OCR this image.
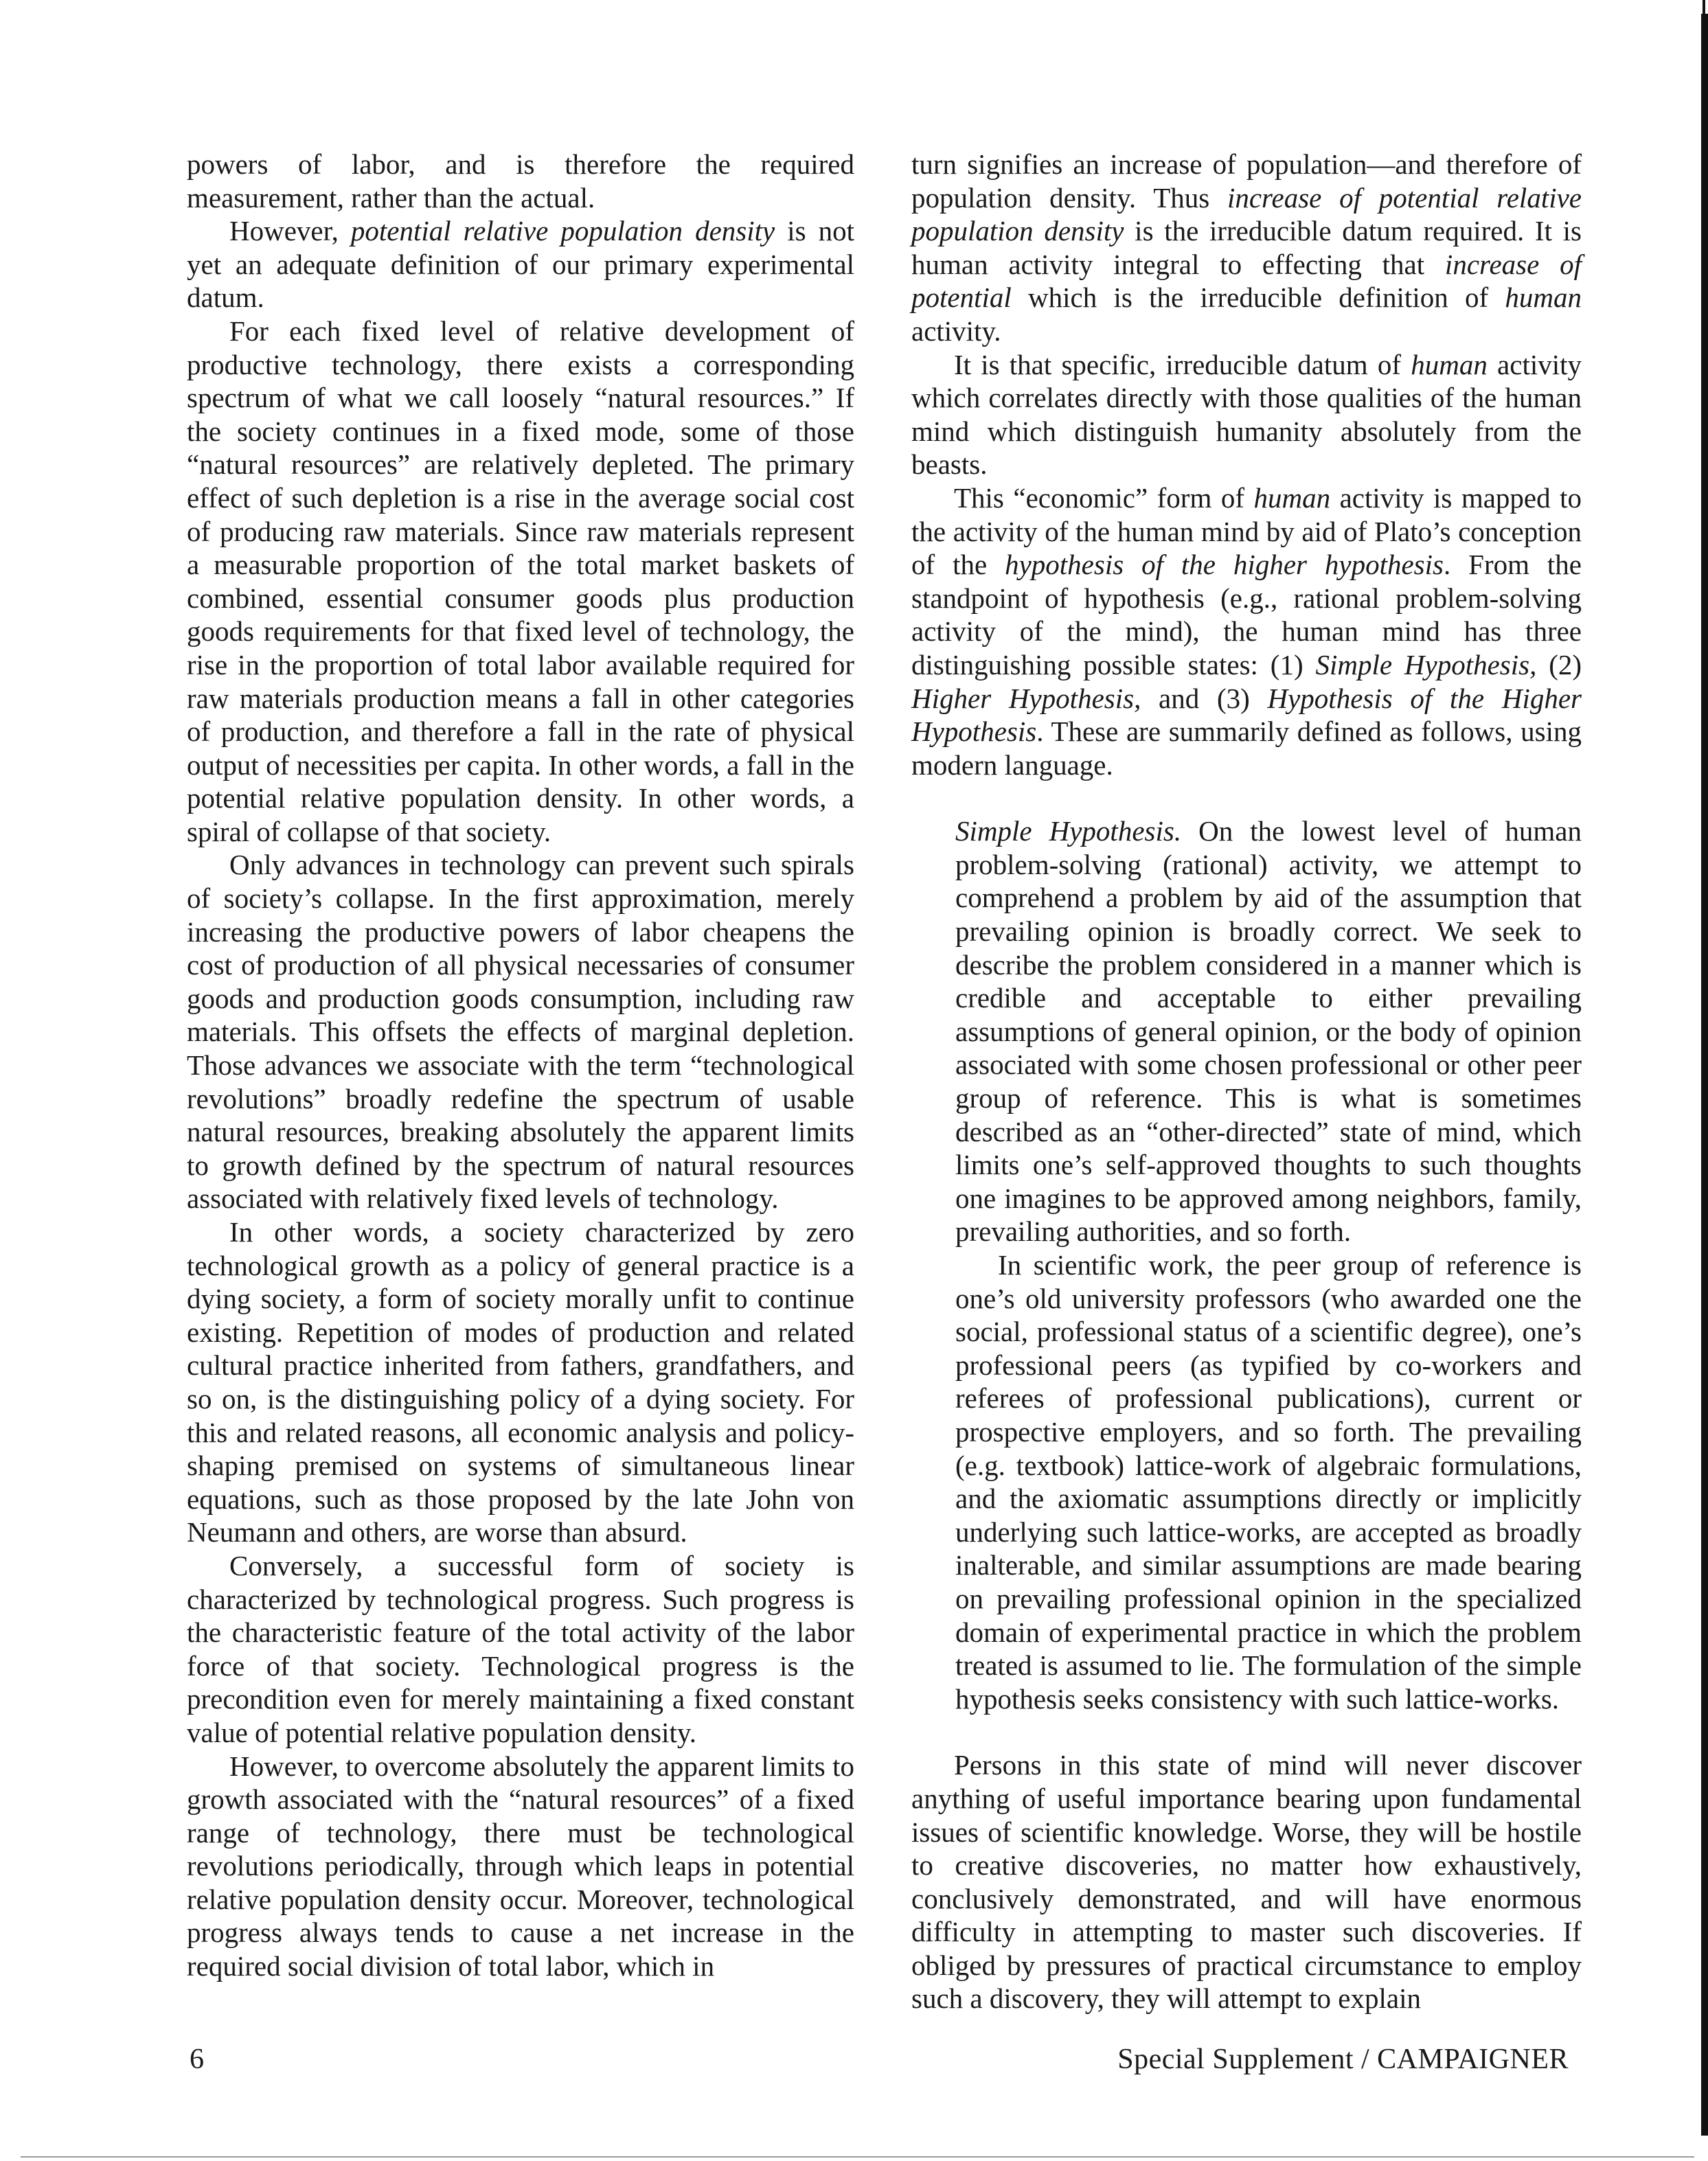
powers of labor, and is therefore the required measurement, rather than the actual.

However, potential relative population density is not yet an adequate definition of our primary experimental datum.

For each fixed level of relative development of productive technology, there exists a corresponding spectrum of what we call loosely “natural resources.” If the society continues in a fixed mode, some of those “natural resources” are relatively depleted. The primary effect of such depletion is a rise in the average social cost of producing raw materials. Since raw materials represent a measurable proportion of the total market baskets of combined, essential consumer goods plus production goods requirements for that fixed level of technology, the rise in the proportion of total labor available required for raw materials production means a fall in other categories of production, and therefore a fall in the rate of physical output of necessities per capita. In other words, a fall in the potential relative population density. In other words, a spiral of collapse of that society.

Only advances in technology can prevent such spirals of society’s collapse. In the first approximation, merely increasing the productive powers of labor cheapens the cost of production of all physical necessaries of consumer goods and production goods consumption, including raw materials. This offsets the effects of marginal depletion. Those advances we associate with the term “technological revolutions” broadly redefine the spectrum of usable natural resources, breaking absolutely the apparent limits to growth defined by the spectrum of natural resources associated with relatively fixed levels of technology.

In other words, a society characterized by zero technological growth as a policy of general practice is a dying society, a form of society morally unfit to continue existing. Repetition of modes of production and related cultural practice inherited from fathers, grandfathers, and so on, is the distinguishing policy of a dying society. For this and related reasons, all economic analysis and policy-shaping premised on systems of simultaneous linear equations, such as those proposed by the late John von Neumann and others, are worse than absurd.

Conversely, a successful form of society is characterized by technological progress. Such progress is the characteristic feature of the total activity of the labor force of that society. Technological progress is the precondition even for merely maintaining a fixed constant value of potential relative population density.

However, to overcome absolutely the apparent limits to growth associated with the “natural resources” of a fixed range of technology, there must be technological revolutions periodically, through which leaps in potential relative population density occur. Moreover, technological progress always tends to cause a net increase in the required social division of total labor, which in

turn signifies an increase of population—and therefore of population density. Thus increase of potential relative population density is the irreducible datum required. It is human activity integral to effecting that increase of potential which is the irreducible definition of human activity.

It is that specific, irreducible datum of human activity which correlates directly with those qualities of the human mind which distinguish humanity absolutely from the beasts.

This “economic” form of human activity is mapped to the activity of the human mind by aid of Plato’s conception of the hypothesis of the higher hypothesis. From the standpoint of hypothesis (e.g., rational problem-solving activity of the mind), the human mind has three distinguishing possible states: (1) Simple Hypothesis, (2) Higher Hypothesis, and (3) Hypothesis of the Higher Hypothesis. These are summarily defined as follows, using modern language.

Simple Hypothesis. On the lowest level of human problem-solving (rational) activity, we attempt to comprehend a problem by aid of the assumption that prevailing opinion is broadly correct. We seek to describe the problem considered in a manner which is credible and acceptable to either prevailing assumptions of general opinion, or the body of opinion associated with some chosen professional or other peer group of reference. This is what is sometimes described as an “other-directed” state of mind, which limits one’s self-approved thoughts to such thoughts one imagines to be approved among neighbors, family, prevailing authorities, and so forth.

In scientific work, the peer group of reference is one’s old university professors (who awarded one the social, professional status of a scientific degree), one’s professional peers (as typified by co-workers and referees of professional publications), current or prospective employers, and so forth. The prevailing (e.g. textbook) lattice-work of algebraic formulations, and the axiomatic assumptions directly or implicitly underlying such lattice-works, are accepted as broadly inalterable, and similar assumptions are made bearing on prevailing professional opinion in the specialized domain of experimental practice in which the problem treated is assumed to lie. The formulation of the simple hypothesis seeks consistency with such lattice-works.

Persons in this state of mind will never discover anything of useful importance bearing upon fundamental issues of scientific knowledge. Worse, they will be hostile to creative discoveries, no matter how exhaustively, conclusively demonstrated, and will have enormous difficulty in attempting to master such discoveries. If obliged by pressures of practical circumstance to employ such a discovery, they will attempt to explain

6	Special Supplement / CAMPAIGNER
